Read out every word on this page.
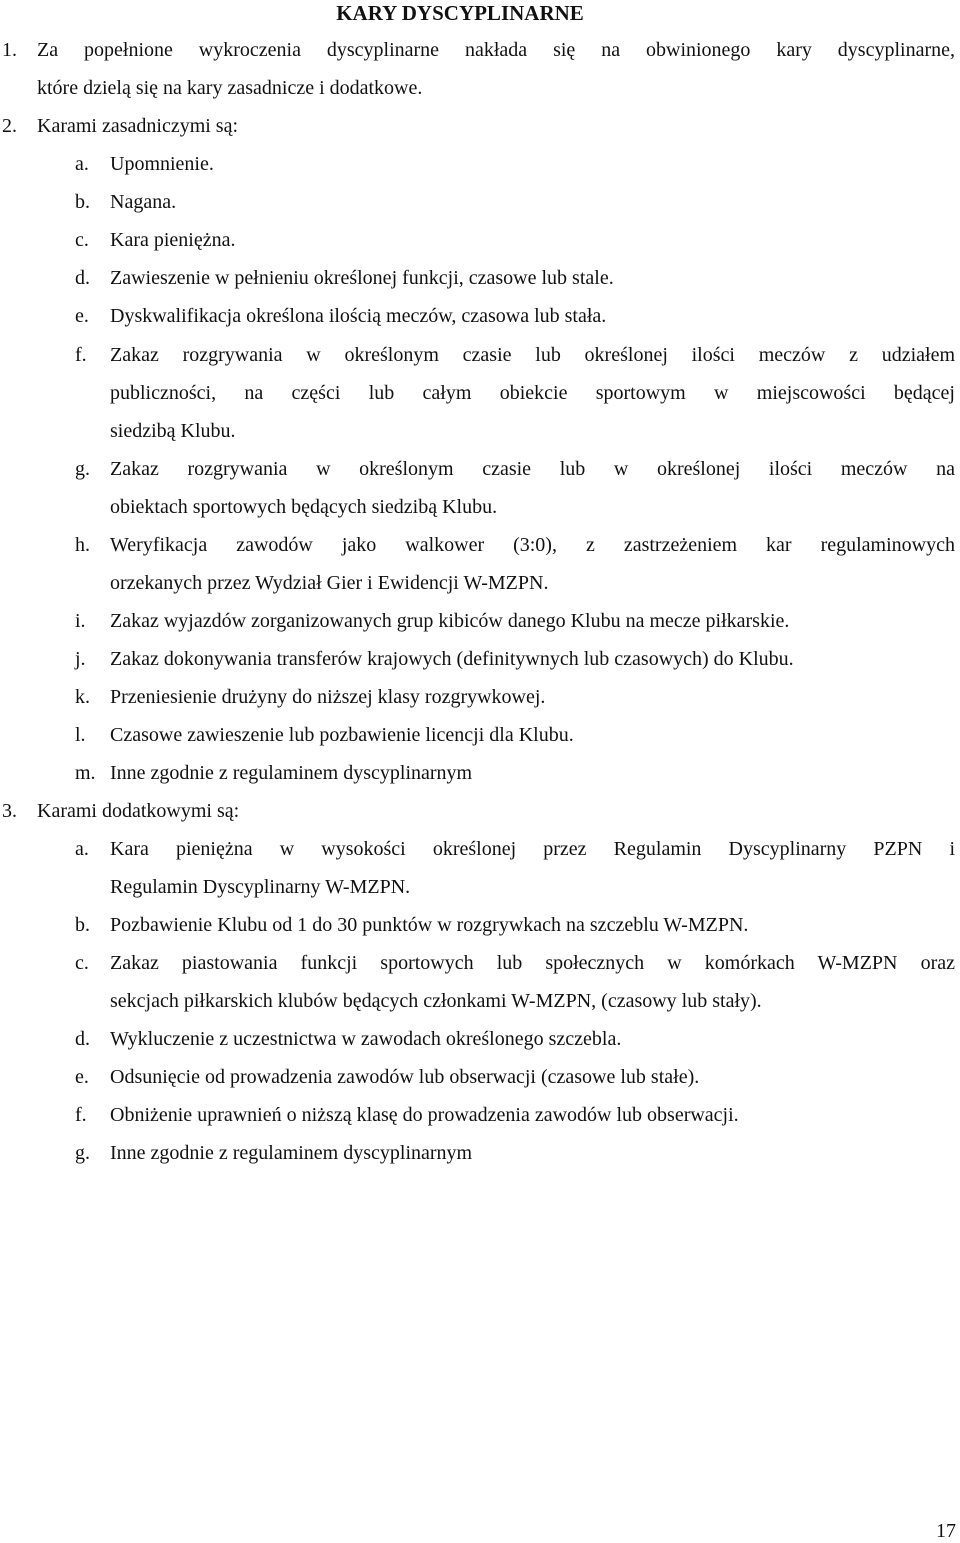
KARY DYSCYPLINARNE
1. Za popełnione wykroczenia dyscyplinarne nakłada się na obwinionego kary dyscyplinarne,
które dzielą się na kary zasadnicze i dodatkowe.
2. Karami zasadniczymi są:
a. Upomnienie.
b. Nagana.
c. Kara pieniężna.
d. Zawieszenie w pełnieniu określonej funkcji, czasowe lub stale.
e. Dyskwalifikacja określona ilością meczów, czasowa lub stała.
f. Zakaz rozgrywania w określonym czasie lub określonej ilości meczów z udziałem
publiczności, na części lub całym obiekcie sportowym w miejscowości będącej
siedzibą Klubu.
g. Zakaz rozgrywania w określonym czasie lub w określonej ilości meczów na
obiektach sportowych będących siedzibą Klubu.
h. Weryfikacja zawodów jako walkower (3:0), z zastrzeżeniem kar regulaminowych
orzekanych przez Wydział Gier i Ewidencji W-MZPN.
i. Zakaz wyjazdów zorganizowanych grup kibiców danego Klubu na mecze piłkarskie.
j. Zakaz dokonywania transferów krajowych (definitywnych lub czasowych) do Klubu.
k. Przeniesienie drużyny do niższej klasy rozgrywkowej.
l. Czasowe zawieszenie lub pozbawienie licencji dla Klubu.
m. Inne zgodnie z regulaminem dyscyplinarnym
3. Karami dodatkowymi są:
a. Kara pieniężna w wysokości określonej przez Regulamin Dyscyplinarny PZPN i
Regulamin Dyscyplinarny W-MZPN.
b. Pozbawienie Klubu od 1 do 30 punktów w rozgrywkach na szczeblu W-MZPN.
c. Zakaz piastowania funkcji sportowych lub społecznych w komórkach W-MZPN oraz
sekcjach piłkarskich klubów będących członkami W-MZPN, (czasowy lub stały).
d. Wykluczenie z uczestnictwa w zawodach określonego szczebla.
e. Odsunięcie od prowadzenia zawodów lub obserwacji (czasowe lub stałe).
f. Obniżenie uprawnień o niższą klasę do prowadzenia zawodów lub obserwacji.
g. Inne zgodnie z regulaminem dyscyplinarnym
17
